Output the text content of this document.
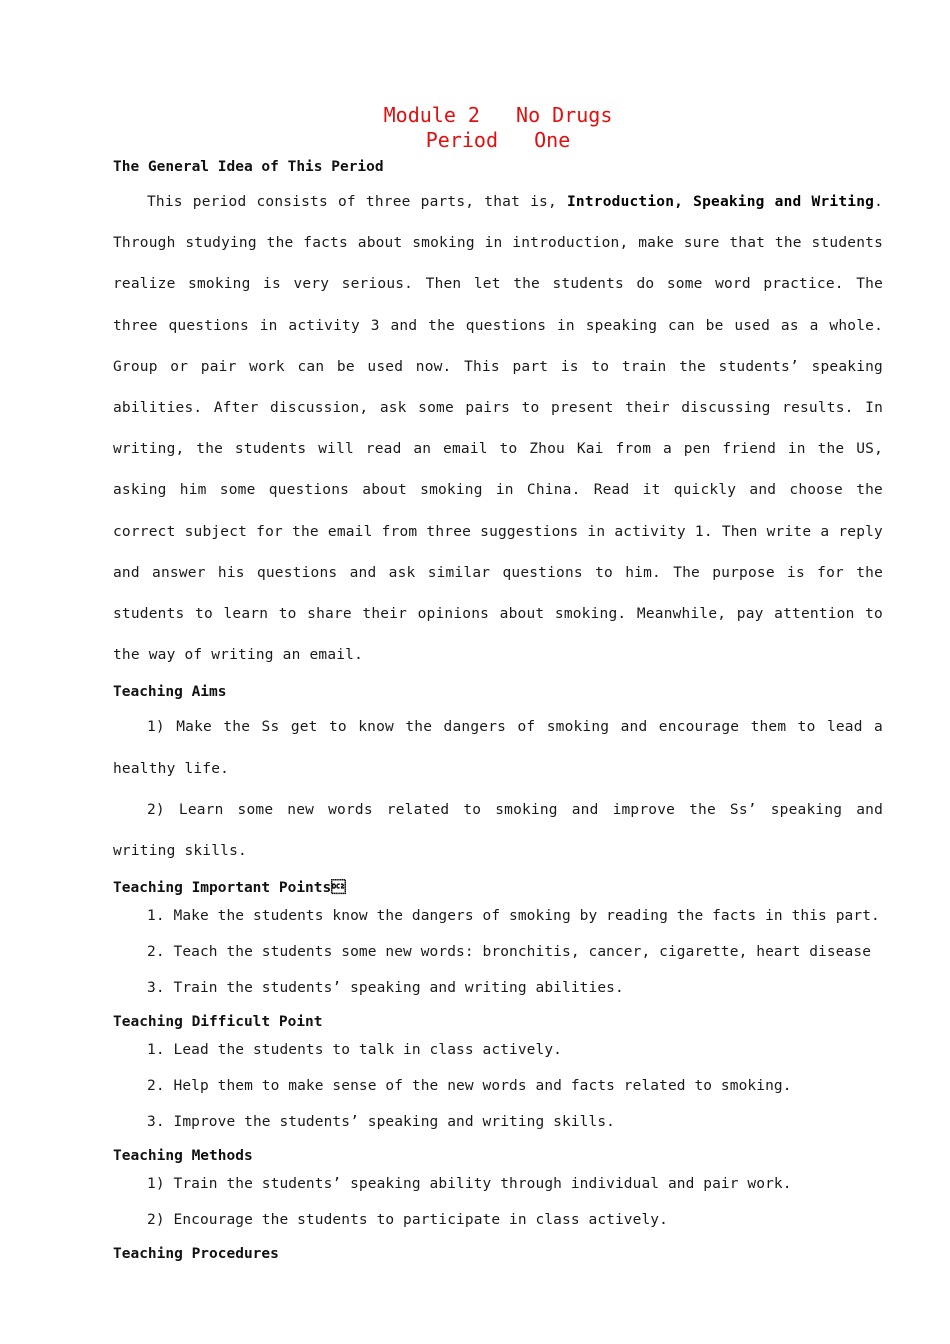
Module 2   No Drugs

Period   One

The General Idea of This Period

This period consists of three parts, that is, Introduction, Speaking and Writing. Through studying the facts about smoking in introduction, make sure that the students realize smoking is very serious. Then let the students do some word practice. The three questions in activity 3 and the questions in speaking can be used as a whole. Group or pair work can be used now. This part is to train the students’ speaking abilities. After discussion, ask some pairs to present their discussing results. In writing, the students will read an email to Zhou Kai from a pen friend in the US, asking him some questions about smoking in China. Read it quickly and choose the correct subject for the email from three suggestions in activity 1. Then write a reply and answer his questions and ask similar questions to him. The purpose is for the students to learn to share their opinions about smoking. Meanwhile, pay attention to the way of writing an email.

Teaching Aims

1) Make the Ss get to know the dangers of smoking and encourage them to lead a healthy life.

2) Learn some new words related to smoking and improve the Ss’ speaking and writing skills.

Teaching Important Points

1. Make the students know the dangers of smoking by reading the facts in this part.

2. Teach the students some new words: bronchitis, cancer, cigarette, heart disease

3. Train the students’ speaking and writing abilities.

Teaching Difficult Point

1. Lead the students to talk in class actively.

2. Help them to make sense of the new words and facts related to smoking.

3. Improve the students’ speaking and writing skills.

Teaching Methods

1) Train the students’ speaking ability through individual and pair work.

2) Encourage the students to participate in class actively.

Teaching Procedures
